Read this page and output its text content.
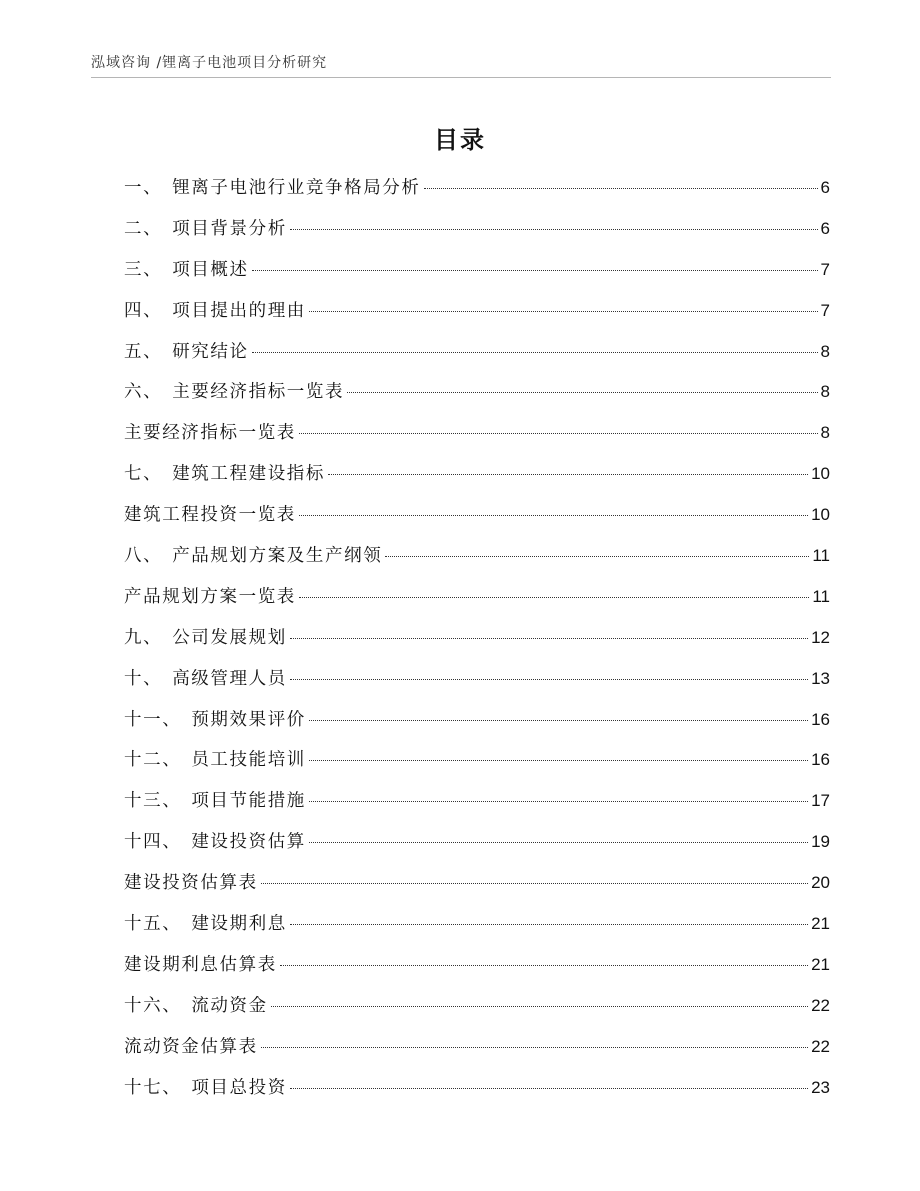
泓域咨询 /锂离子电池项目分析研究
目录
一、 锂离子电池行业竞争格局分析	6
二、 项目背景分析	6
三、 项目概述	7
四、 项目提出的理由	7
五、 研究结论	8
六、 主要经济指标一览表	8
主要经济指标一览表	8
七、 建筑工程建设指标	10
建筑工程投资一览表	10
八、 产品规划方案及生产纲领	11
产品规划方案一览表	11
九、 公司发展规划	12
十、 高级管理人员	13
十一、 预期效果评价	16
十二、 员工技能培训	16
十三、 项目节能措施	17
十四、 建设投资估算	19
建设投资估算表	20
十五、 建设期利息	21
建设期利息估算表	21
十六、 流动资金	22
流动资金估算表	22
十七、 项目总投资	23
